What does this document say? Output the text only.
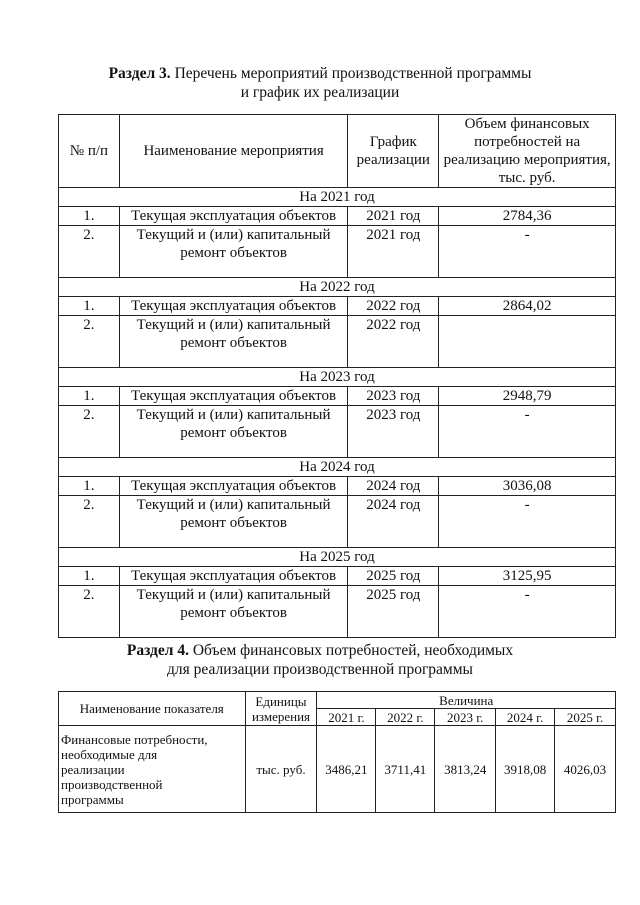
Раздел 3. Перечень мероприятий производственной программы
и график их реализации
№ п/п	Наименование мероприятия	График
реализации	Объем финансовых потребностей на реализацию мероприятия, тыс. руб.
На 2021 год			
1.	Текущая эксплуатация объектов	2021 год	2784,36
2.	Текущий и (или) капитальный
ремонт объектов	2021 год	-
На 2022 год			
1.	Текущая эксплуатация объектов	2022 год	2864,02
2.	Текущий и (или) капитальный
ремонт объектов	2022 год	
На 2023 год			
1.	Текущая эксплуатация объектов	2023 год	2948,79
2.	Текущий и (или) капитальный
ремонт объектов	2023 год	-
На 2024 год			
1.	Текущая эксплуатация объектов	2024 год	3036,08
2.	Текущий и (или) капитальный
ремонт объектов	2024 год	-
На 2025 год			
1.	Текущая эксплуатация объектов	2025 год	3125,95
2.	Текущий и (или) капитальный
ремонт объектов	2025 год	-
Раздел 4. Объем финансовых потребностей, необходимых
для реализации производственной программы
Наименование показателя	Единицы
измерения	Величина				
		2021 г.	2022 г.	2023 г.	2024 г.	2025 г.
Финансовые потребности,
необходимые для
реализации
производственной
программы	тыс. руб.	3486,21	3711,41	3813,24	3918,08	4026,03
